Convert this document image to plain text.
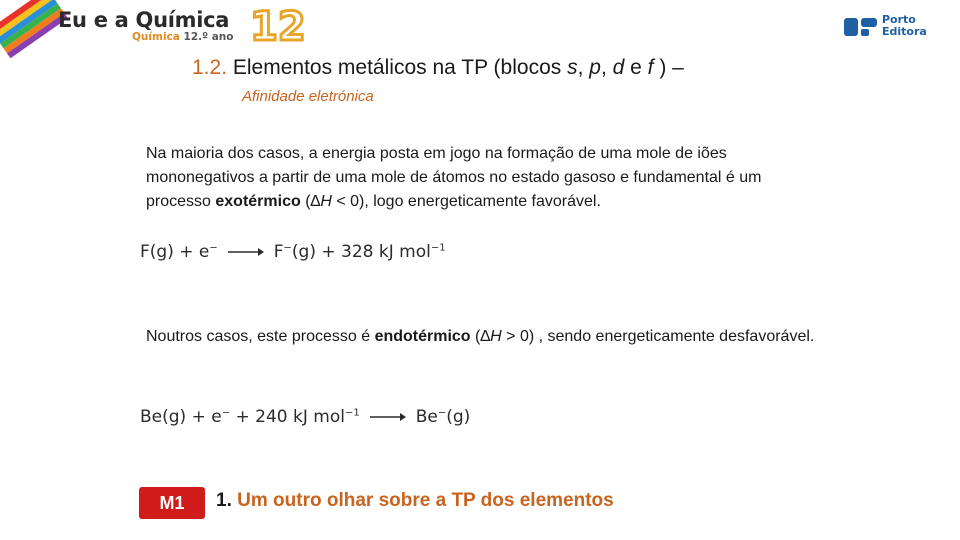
Eu e a Química
Química 12.º ano 12	Porto
Editora
1.2. Elementos metálicos na TP (blocos s, p, d e f ) –
Afinidade eletrónica
Na maioria dos casos, a energia posta em jogo na formação de uma mole de iões mononegativos a partir de uma mole de átomos no estado gasoso e fundamental é um processo exotérmico (∆H < 0), logo energeticamente favorável.
F(g) + e− → F−(g) + 328 kJ mol$^{-1}$
Noutros casos, este processo é endotérmico (∆H > 0) , sendo energeticamente desfavorável.
Be(g) + e− + 240 kJ mol$^{-1}$ → Be−(g)
M1	1. Um outro olhar sobre a TP dos elementos
